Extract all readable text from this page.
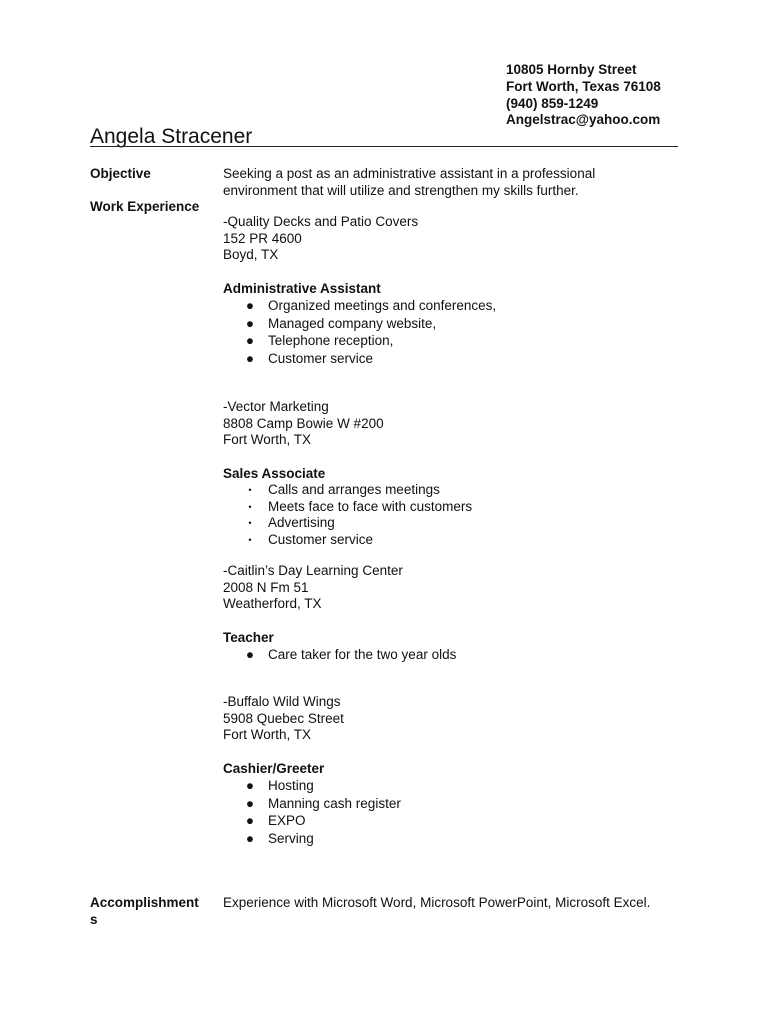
10805 Hornby Street
Fort Worth, Texas 76108
(940) 859-1249
Angelstrac@yahoo.com
Angela Stracener
Objective	Seeking a post as an administrative assistant in a professional environment that will utilize and strengthen my skills further.
Work Experience
-Quality Decks and Patio Covers
152 PR 4600
Boyd, TX
Administrative Assistant
● Organized meetings and conferences,
● Managed company website,
● Telephone reception,
● Customer service
-Vector Marketing
8808 Camp Bowie W #200
Fort Worth, TX
Sales Associate
• Calls and arranges meetings
• Meets face to face with customers
• Advertising
• Customer service
-Caitlin’s Day Learning Center
2008 N Fm 51
Weatherford, TX
Teacher
● Care taker for the two year olds
-Buffalo Wild Wings
5908 Quebec Street
Fort Worth, TX
Cashier/Greeter
● Hosting
● Manning cash register
● EXPO
● Serving
Accomplishments
Experience with Microsoft Word, Microsoft PowerPoint, Microsoft Excel.
